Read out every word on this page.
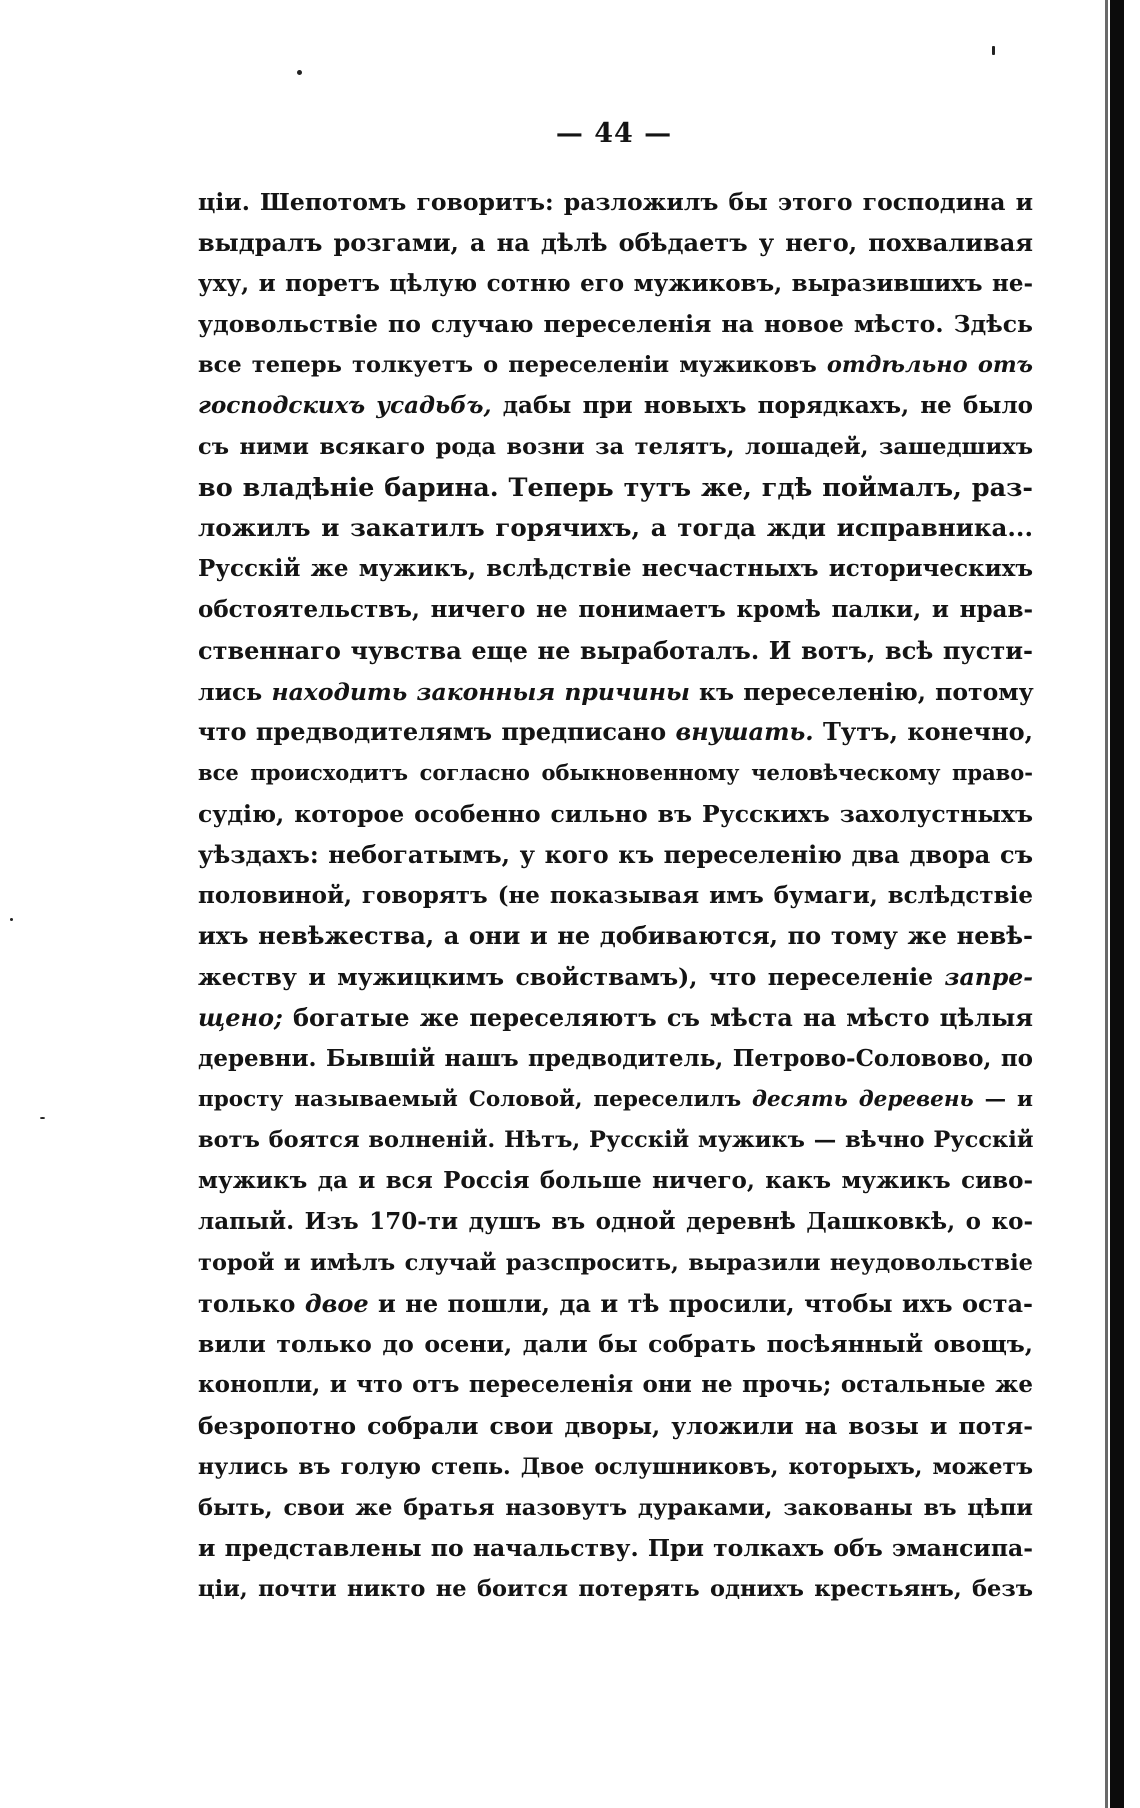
— 44 —
ціи. Шепотомъ говоритъ: разложилъ бы этого господина и
выдралъ розгами, а на дѣлѣ обѣдаетъ у него, похваливая
уху, и поретъ цѣлую сотню его мужиковъ, выразившихъ не-
удовольствіе по случаю переселенія на новое мѣсто. Здѣсь
все теперь толкуетъ о переселеніи мужиковъ отдѣльно отъ
господскихъ усадьбъ, дабы при новыхъ порядкахъ, не было
съ ними всякаго рода возни за телятъ, лошадей, зашедшихъ
во владѣніе барина. Теперь тутъ же, гдѣ поймалъ, раз-
ложилъ и закатилъ горячихъ, а тогда жди исправника...
Русскій же мужикъ, вслѣдствіе несчастныхъ историческихъ
обстоятельствъ, ничего не понимаетъ кромѣ палки, и нрав-
ственнаго чувства еще не выработалъ. И вотъ, всѣ пусти-
лись находить законныя причины къ переселенію, потому
что предводителямъ предписано внушать. Тутъ, конечно,
все происходитъ согласно обыкновенному человѣческому право-
судію, которое особенно сильно въ Русскихъ захолустныхъ
уѣздахъ: небогатымъ, у кого къ переселенію два двора съ
половиной, говорятъ (не показывая имъ бумаги, вслѣдствіе
ихъ невѣжества, а они и не добиваются, по тому же невѣ-
жеству и мужицкимъ свойствамъ), что переселеніе запре-
щено; богатые же переселяютъ съ мѣста на мѣсто цѣлыя
деревни. Бывшій нашъ предводитель, Петрово-Соловово, по
просту называемый Соловой, переселилъ десять деревень — и
вотъ боятся волненій. Нѣтъ, Русскій мужикъ — вѣчно Русскій
мужикъ да и вся Россія больше ничего, какъ мужикъ сиво-
лапый. Изъ 170-ти душъ въ одной деревнѣ Дашковкѣ, о ко-
торой и имѣлъ случай разспросить, выразили неудовольствіе
только двое и не пошли, да и тѣ просили, чтобы ихъ оста-
вили только до осени, дали бы собрать посѣянный овощъ,
конопли, и что отъ переселенія они не прочь; остальные же
безропотно собрали свои дворы, уложили на возы и потя-
нулись въ голую степь. Двое ослушниковъ, которыхъ, можетъ
быть, свои же братья назовутъ дураками, закованы въ цѣпи
и представлены по начальству. При толкахъ объ эмансипа-
ціи, почти никто не боится потерять однихъ крестьянъ, безъ
